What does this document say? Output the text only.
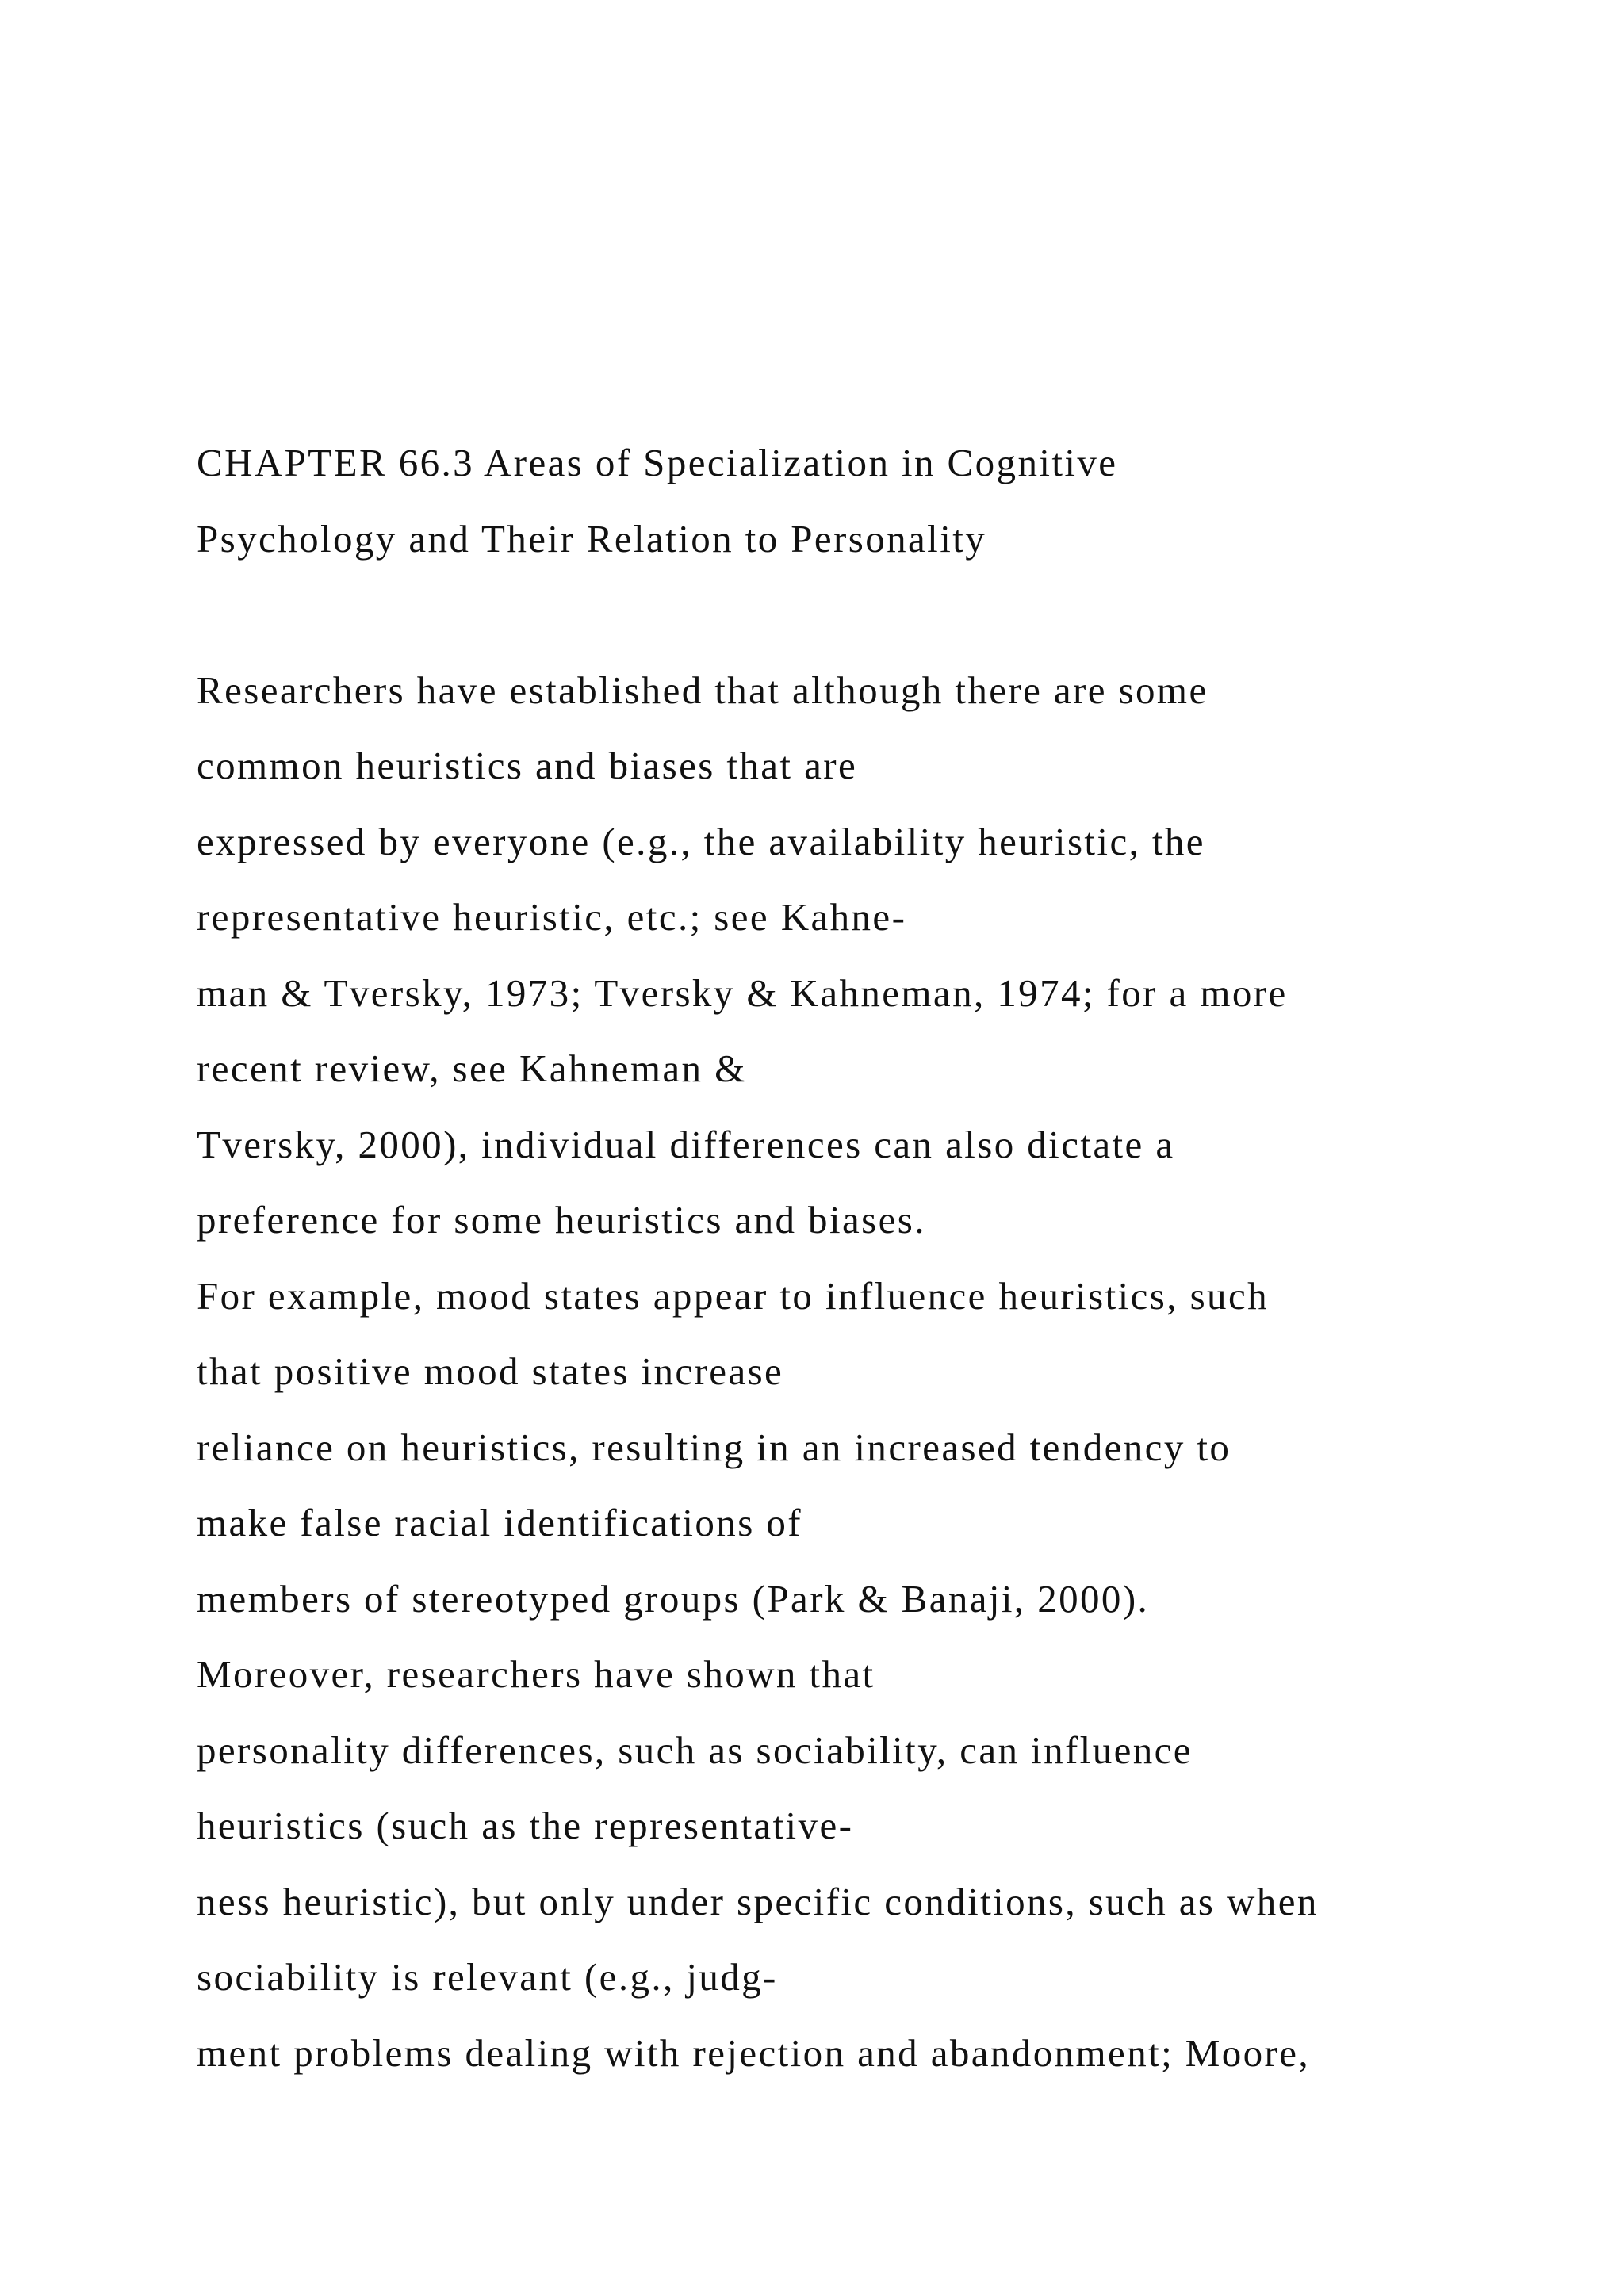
CHAPTER 66.3 Areas of Specialization in Cognitive
Psychology and Their Relation to Personality
Researchers have established that although there are some
common heuristics and biases that are
expressed by everyone (e.g., the availability heuristic, the
representative heuristic, etc.; see Kahne-
man & Tversky, 1973; Tversky & Kahneman, 1974; for a more
recent review, see Kahneman &
Tversky, 2000), individual differences can also dictate a
preference for some heuristics and biases.
For example, mood states appear to influence heuristics, such
that positive mood states increase
reliance on heuristics, resulting in an increased tendency to
make false racial identifications of
members of stereotyped groups (Park & Banaji, 2000).
Moreover, researchers have shown that
personality differences, such as sociability, can influence
heuristics (such as the representative-
ness heuristic), but only under specific conditions, such as when
sociability is relevant (e.g., judg-
ment problems dealing with rejection and abandonment; Moore,
